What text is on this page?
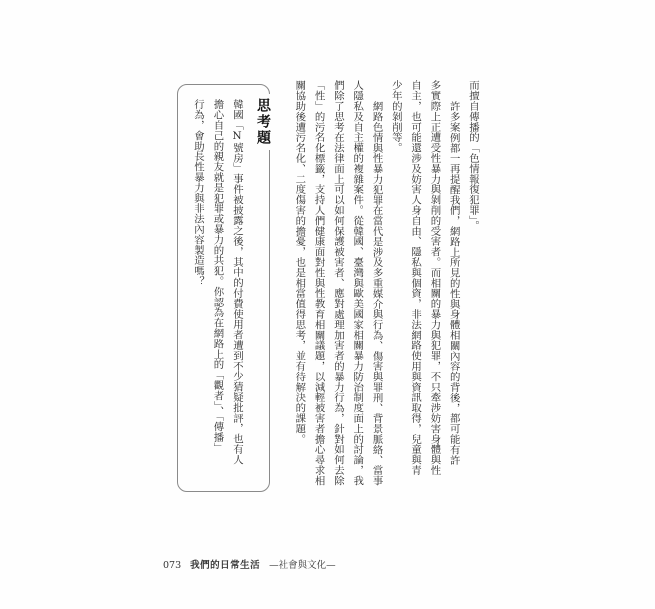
而擅自傳播的「色情報復犯罪」。
許多案例都一再提醒我們，網路上所見的性與身體相關內容的背後，都可能有許
多實際上正遭受性暴力與剝削的受害者。而相關的暴力與犯罪，不只牽涉妨害身體與性
自主，也可能還涉及妨害人身自由、隱私與個資，非法網路使用與資訊取得，兒童與青
少年的剝削等。
網路色情與性暴力犯罪在當代是涉及多重媒介與行為、傷害與罪刑、背景脈絡、當事
人隱私及自主權的複雜案件。從韓國、臺灣與歐美國家相關暴力防治制度面上的討論，我
們除了思考在法律面上可以如何保護被害者、應對處理加害者的暴力行為，針對如何去除
「性」的污名化標籤，支持人們健康面對性與性教育相關議題，以減輕被害者擔心尋求相
關協助後遭污名化、二度傷害的擔憂，也是相當值得思考，並有待解決的課題。
韓國「N號房」事件被披露之後，其中的付費使用者遭到不少猜疑批評，也有人
擔心自己的親友就是犯罪或暴力的共犯。你認為在網路上的「觀者」、「傳播」
行為，會助長性暴力與非法內容製造嗎？	思考題
073 我們的日常生活 —社會與文化—
